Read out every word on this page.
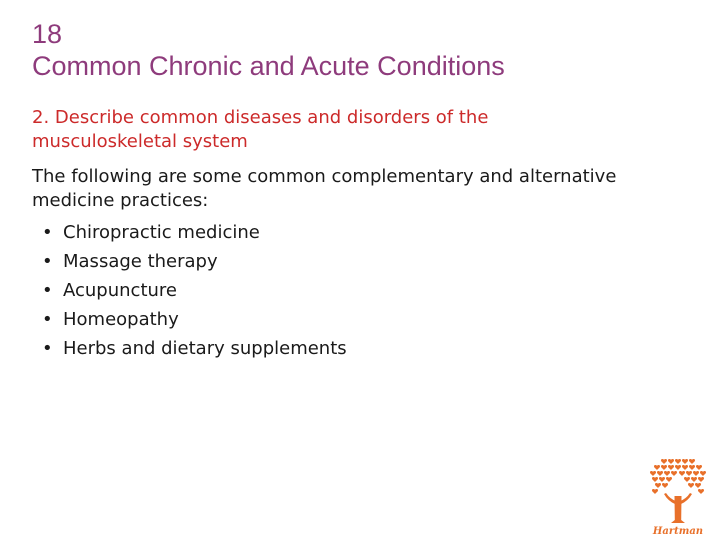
18
Common Chronic and Acute Conditions
2. Describe common diseases and disorders of the
musculoskeletal system
The following are some common complementary and alternative
medicine practices:
• Chiropractic medicine
• Massage therapy
• Acupuncture
• Homeopathy
• Herbs and dietary supplements
Hartman
